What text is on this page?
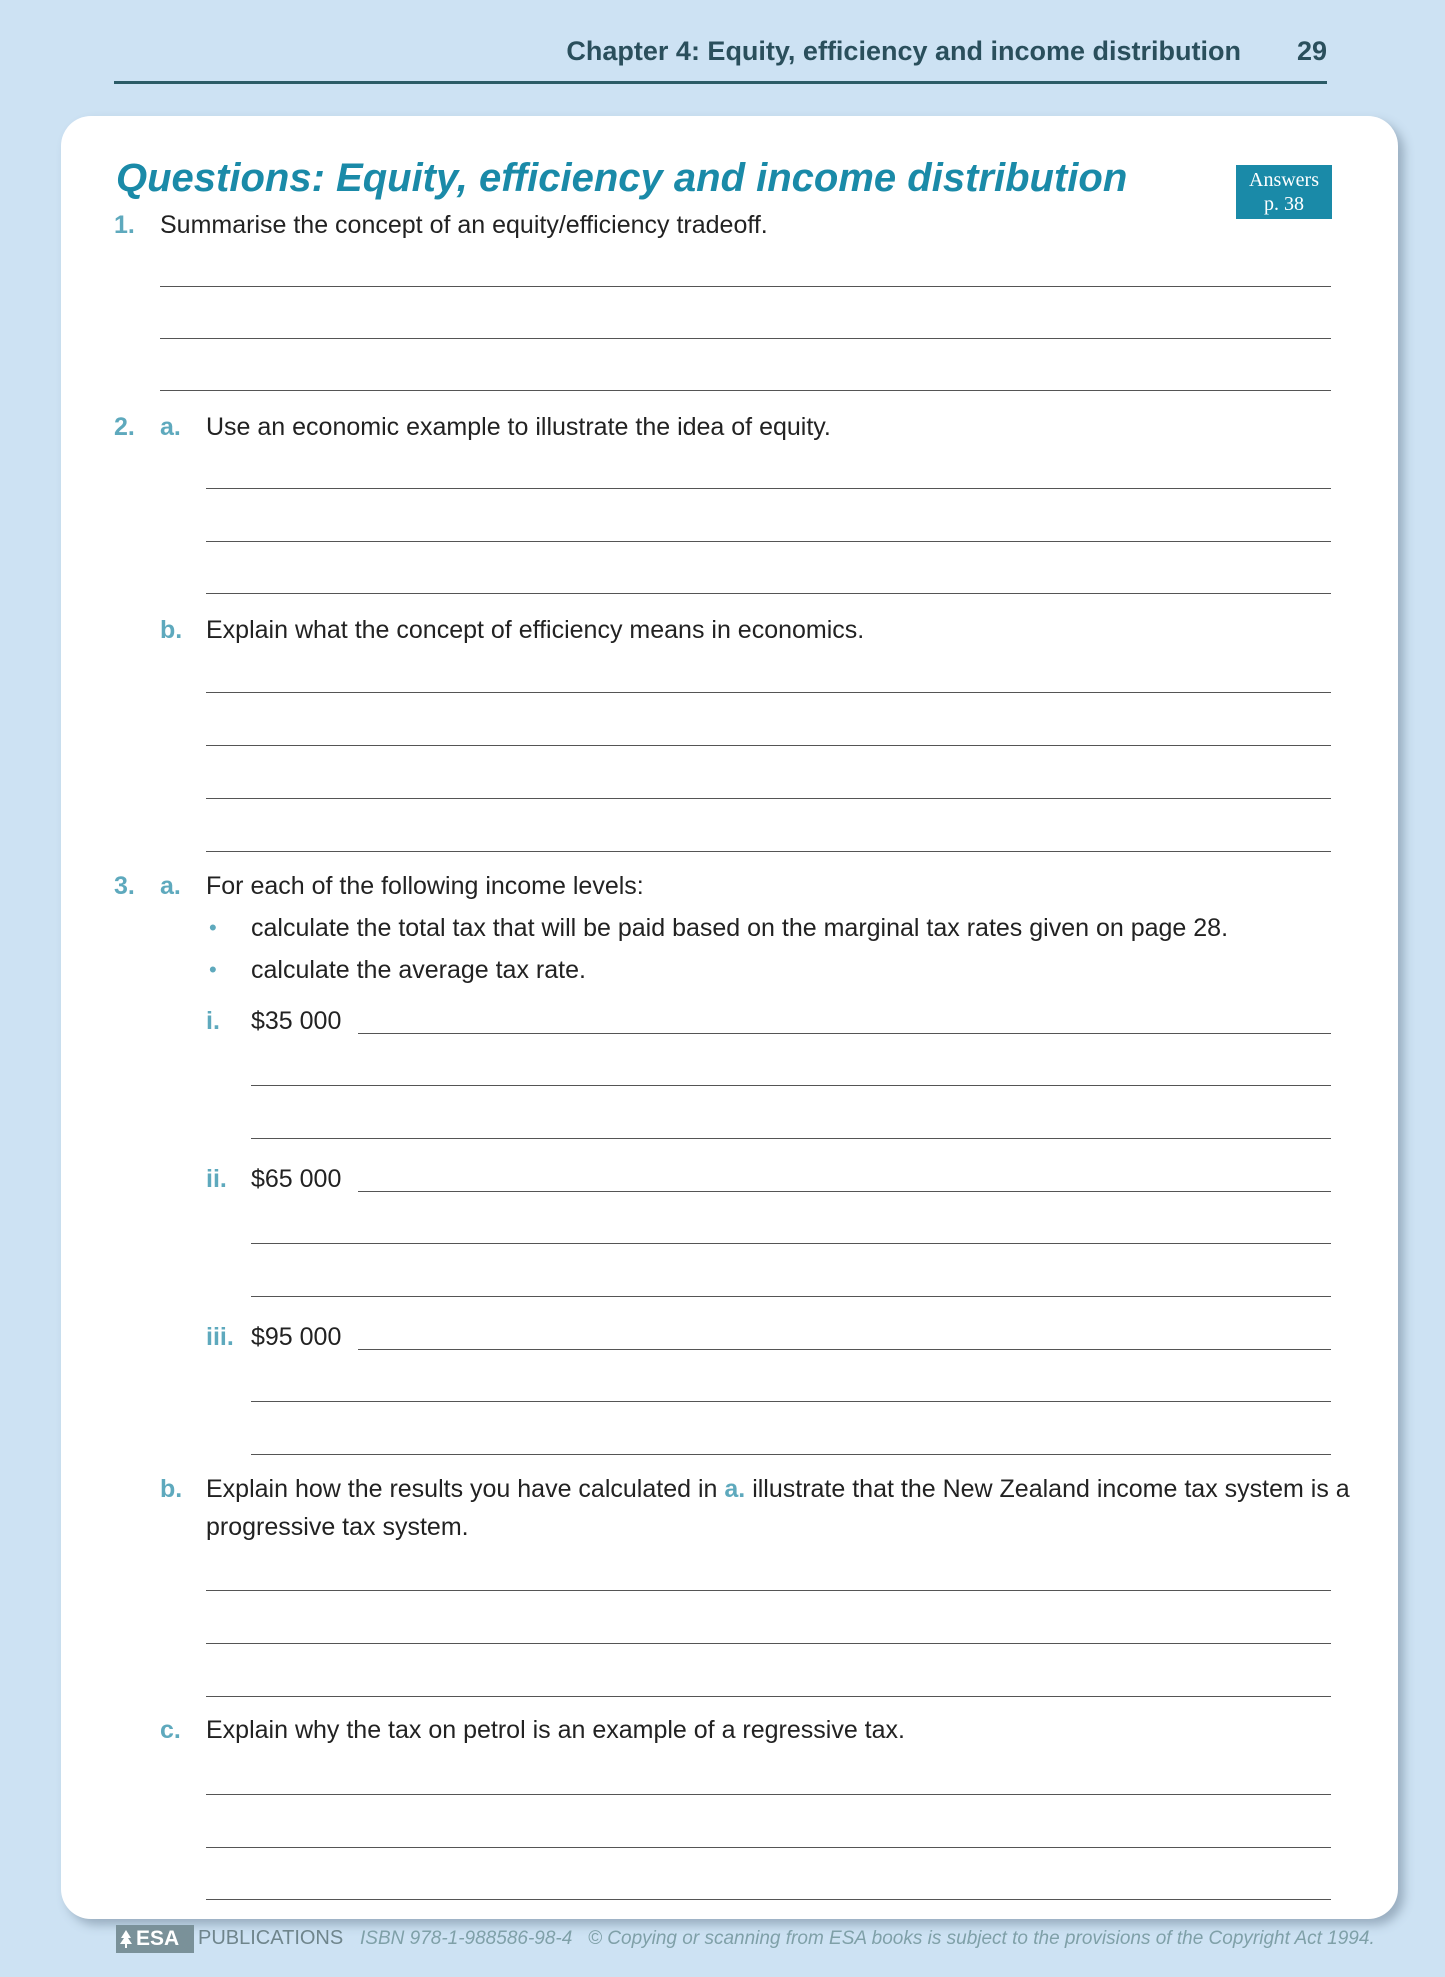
Chapter 4: Equity, efficiency and income distribution 29
Questions: Equity, efficiency and income distribution	Answers
p. 38
1. Summarise the concept of an equity/efficiency tradeoff.
2. a. Use an economic example to illustrate the idea of equity.
b. Explain what the concept of efficiency means in economics.
3. a. For each of the following income levels:
• calculate the total tax that will be paid based on the marginal tax rates given on page 28.
• calculate the average tax rate.
i. $35 000
ii. $65 000
iii. $95 000
b. Explain how the results you have calculated in a. illustrate that the New Zealand income tax system is a
progressive tax system.
c. Explain why the tax on petrol is an example of a regressive tax.
ESA PUBLICATIONS ISBN 978-1-988586-98-4 © Copying or scanning from ESA books is subject to the provisions of the Copyright Act 1994.
